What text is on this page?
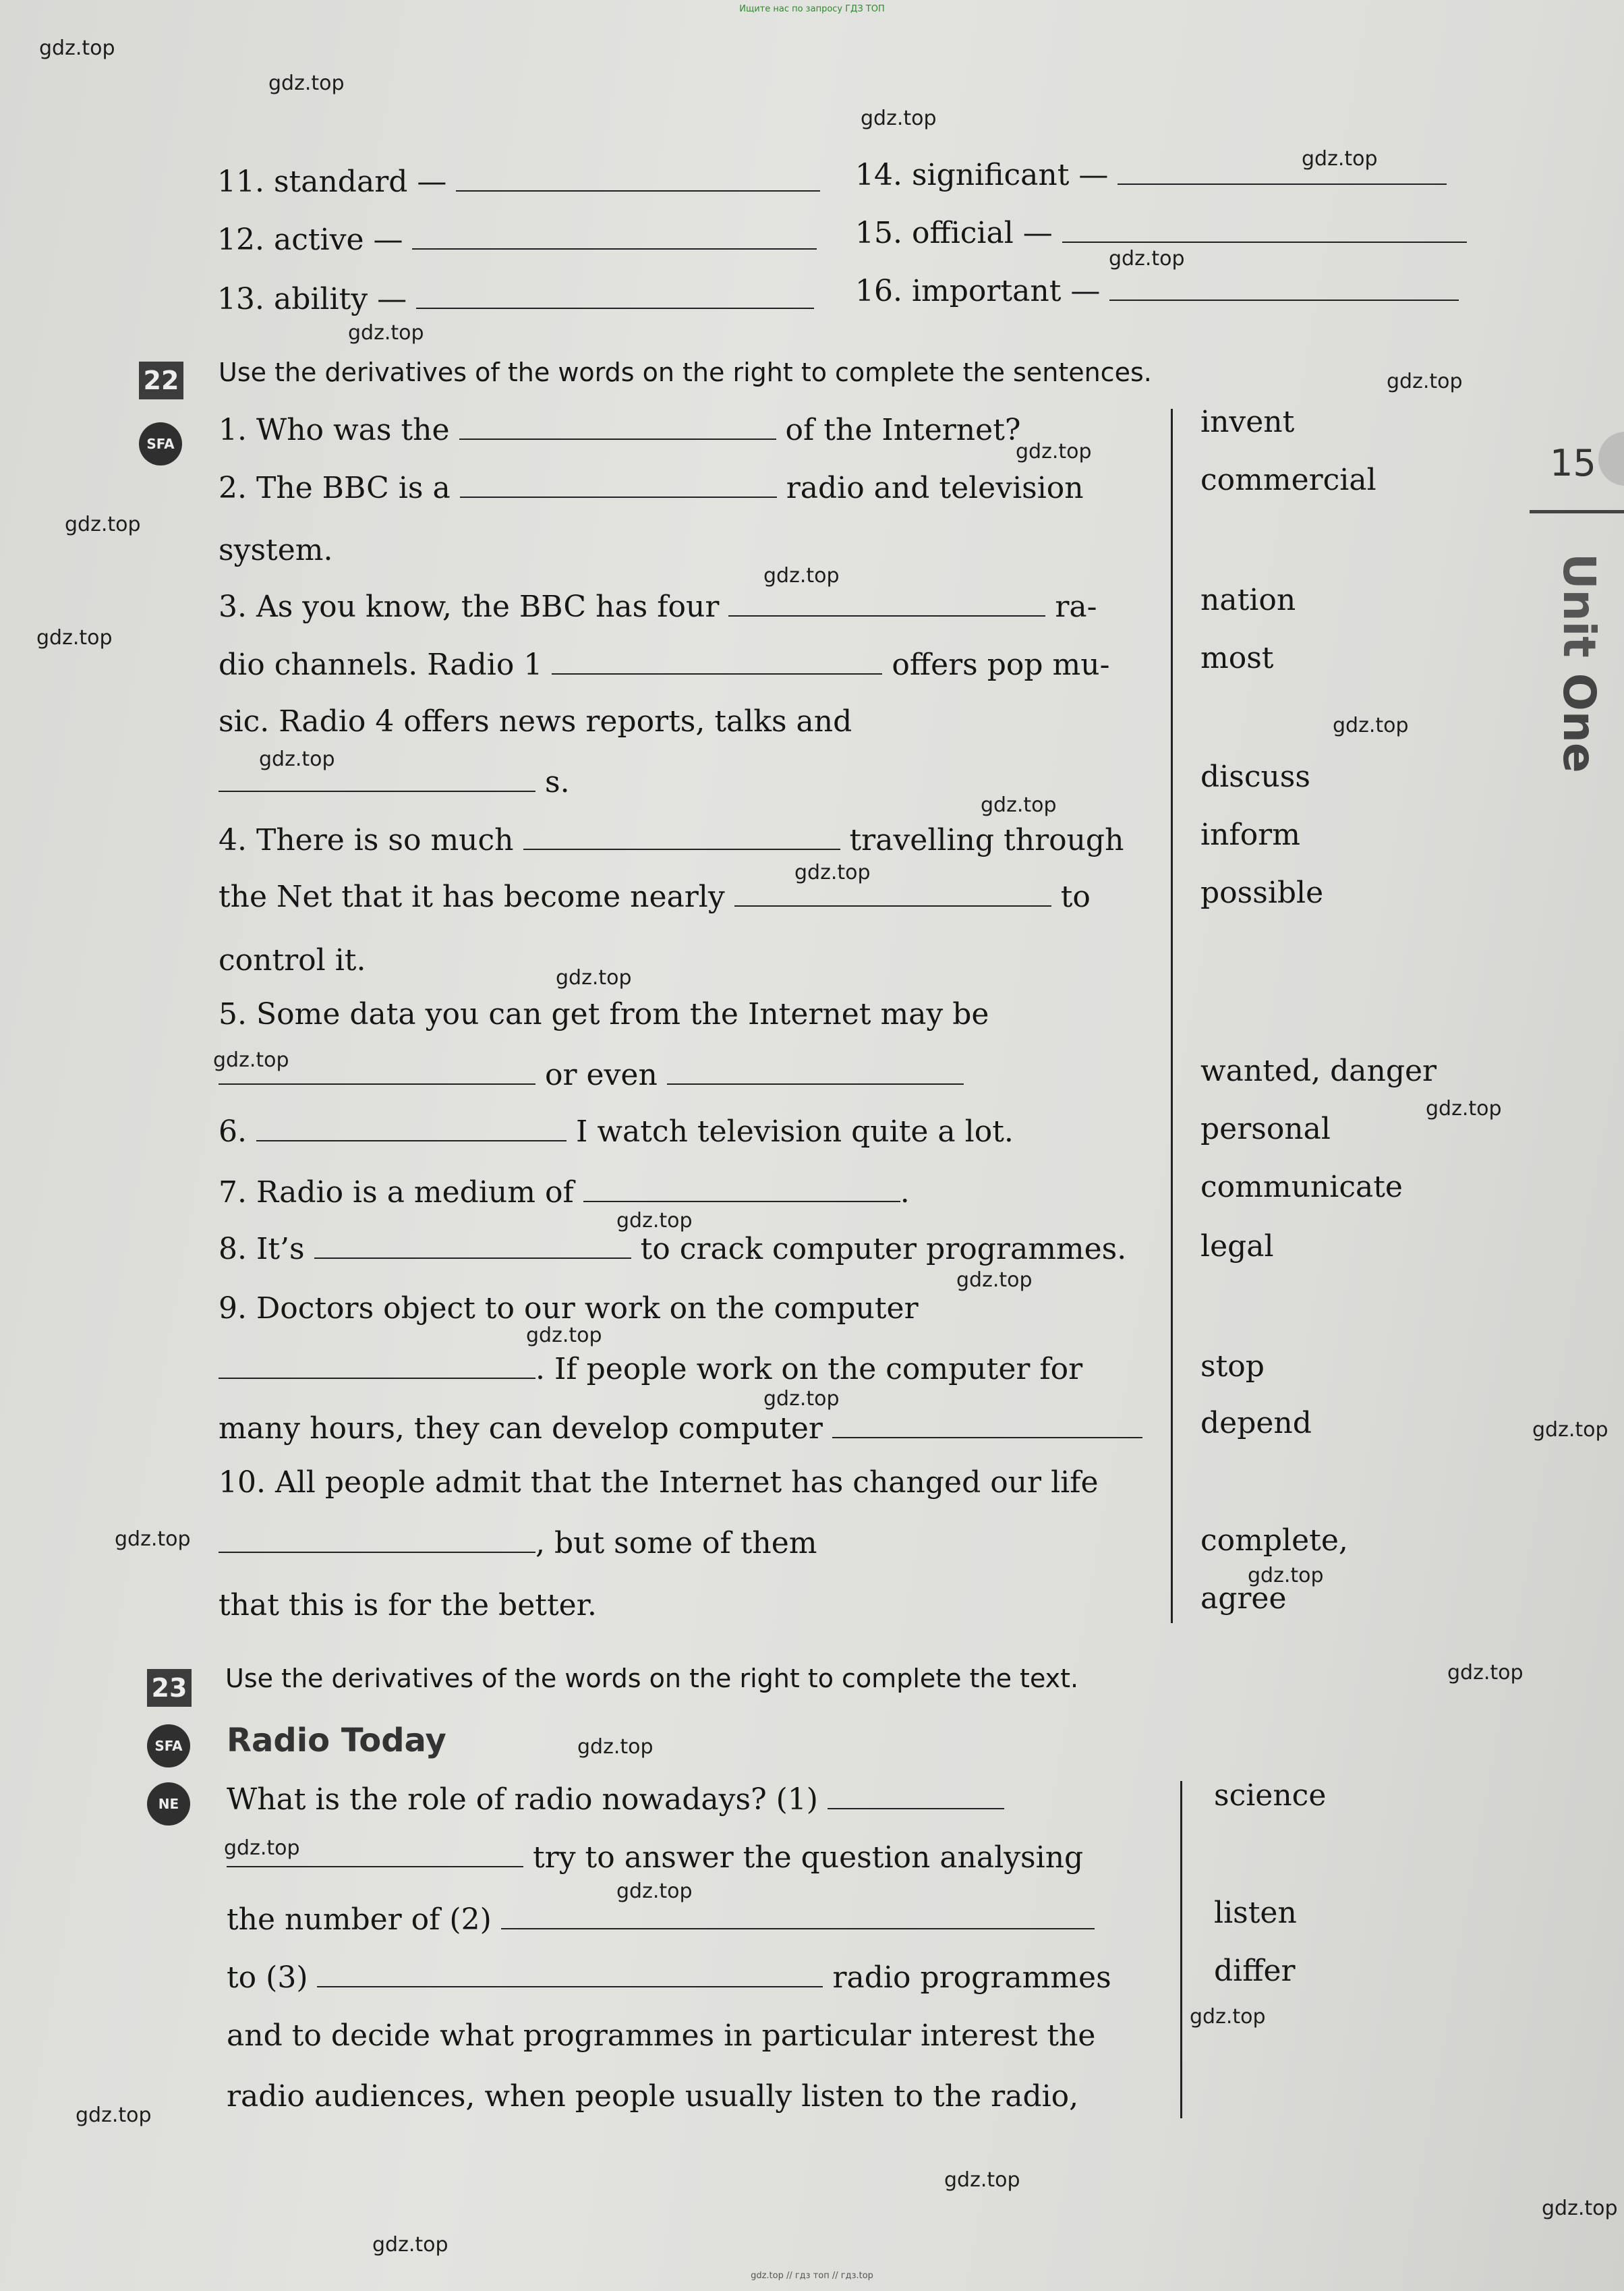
Ищите нас по запросу ГДЗ ТОП
gdz.top
gdz.top
gdz.top
gdz.top
gdz.top
gdz.top
gdz.top
gdz.top
gdz.top
gdz.top
gdz.top
gdz.top
gdz.top
gdz.top
gdz.top
gdz.top
gdz.top
gdz.top
gdz.top
gdz.top
gdz.top
gdz.top
gdz.top
gdz.top
gdz.top
gdz.top
gdz.top
gdz.top
gdz.top
gdz.top
gdz.top
gdz.top
gdz.top
gdz.top
15
Unit One
11. standard —
12. active —
13. ability —
14. significant —
15. official —
16. important —
22 Use the derivatives of the words on the right to complete the sentences.
SFA 1. Who was the	of the Internet?
2. The BBC is a	radio and television
system.
3. As you know, the BBC has four	ra-
dio channels. Radio 1	offers pop mu-
sic. Radio 4 offers news reports, talks and
s.
4. There is so much	travelling through
the Net that it has become nearly	to
control it.
5. Some data you can get from the Internet may be
or even
6.	I watch television quite a lot.
7. Radio is a medium of	.
8. It’s	to crack computer programmes.
9. Doctors object to our work on the computer
. If people work on the computer for
many hours, they can develop computer
10. All people admit that the Internet has changed our life
, but some of them
that this is for the better.
invent
commercial
nation
most
discuss
inform
possible
wanted, danger
personal
communicate
legal
stop
depend
complete,
agree
23 Use the derivatives of the words on the right to complete the text.
SFA Radio Today
NE	What is the role of radio nowadays? (1)
try to answer the question analysing
the number of (2)
to (3)	radio programmes
and to decide what programmes in particular interest the
radio audiences, when people usually listen to the radio,
science
listen
differ
gdz.top // гдз топ // гдз.top
